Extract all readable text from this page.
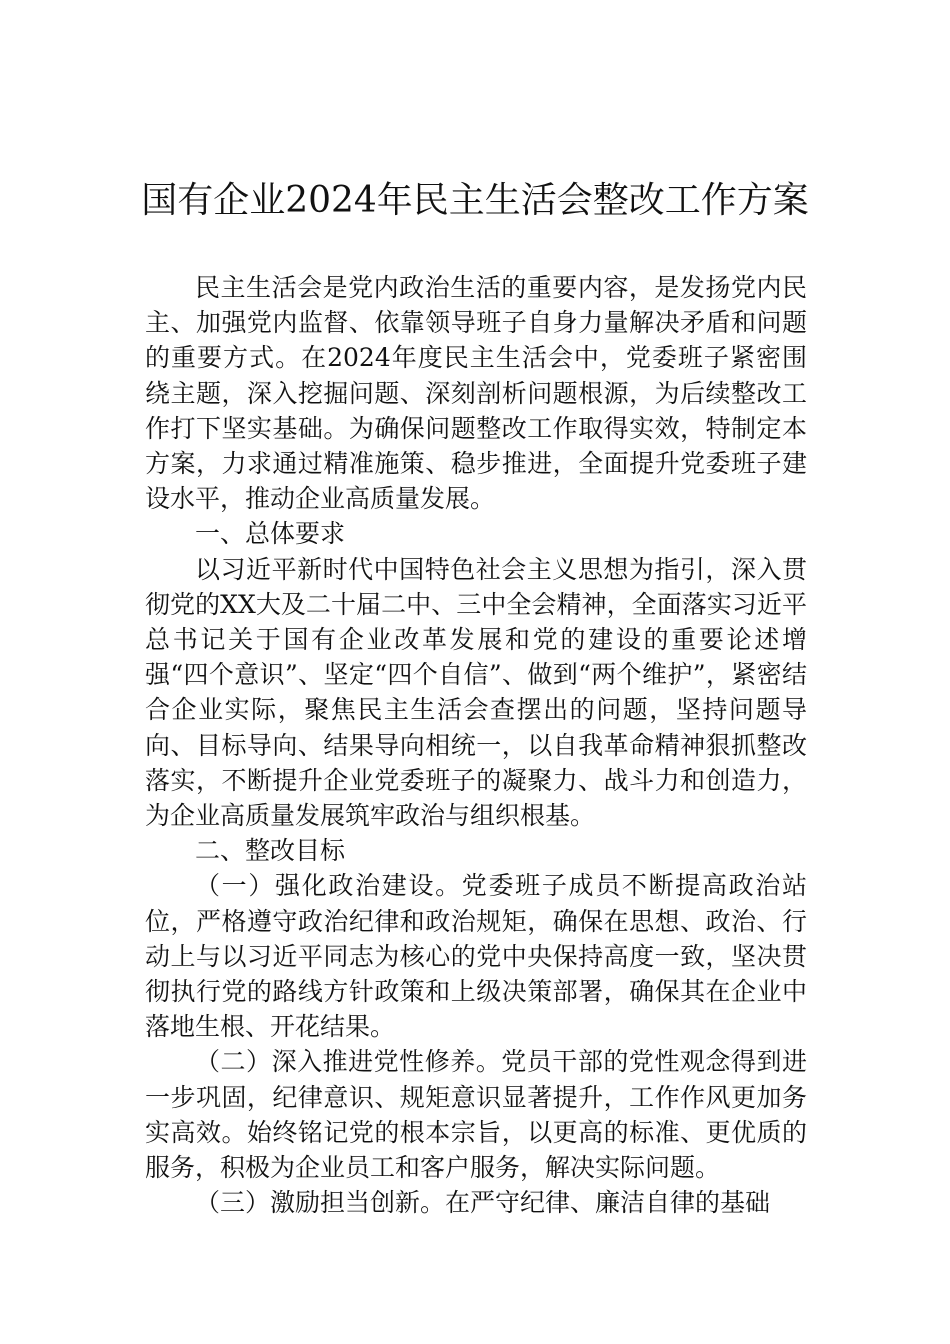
国有企业2024年民主生活会整改工作方案

民主生活会是党内政治生活的重要内容，是发扬党内民主、加强党内监督、依靠领导班子自身力量解决矛盾和问题的重要方式。在2024年度民主生活会中，党委班子紧密围绕主题，深入挖掘问题、深刻剖析问题根源，为后续整改工作打下坚实基础。为确保问题整改工作取得实效，特制定本方案，力求通过精准施策、稳步推进，全面提升党委班子建设水平，推动企业高质量发展。

一、总体要求

以习近平新时代中国特色社会主义思想为指引，深入贯彻党的XX大及二十届二中、三中全会精神，全面落实习近平总书记关于国有企业改革发展和党的建设的重要论述增强“四个意识”、坚定“四个自信”、做到“两个维护”，紧密结合企业实际，聚焦民主生活会查摆出的问题，坚持问题导向、目标导向、结果导向相统一，以自我革命精神狠抓整改落实，不断提升企业党委班子的凝聚力、战斗力和创造力，为企业高质量发展筑牢政治与组织根基。

二、整改目标

（一）强化政治建设。党委班子成员不断提高政治站位，严格遵守政治纪律和政治规矩，确保在思想、政治、行动上与以习近平同志为核心的党中央保持高度一致，坚决贯彻执行党的路线方针政策和上级决策部署，确保其在企业中落地生根、开花结果。

（二）深入推进党性修养。党员干部的党性观念得到进一步巩固，纪律意识、规矩意识显著提升，工作作风更加务实高效。始终铭记党的根本宗旨，以更高的标准、更优质的服务，积极为企业员工和客户服务，解决实际问题。

（三）激励担当创新。在严守纪律、廉洁自律的基础
